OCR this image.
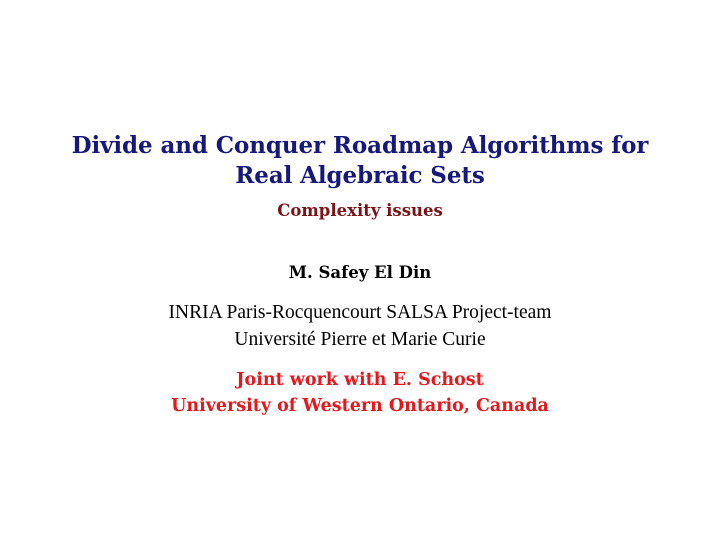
Divide and Conquer Roadmap Algorithms for
Real Algebraic Sets

Complexity issues

M. Safey El Din

INRIA Paris-Rocquencourt SALSA Project-team
Université Pierre et Marie Curie

Joint work with E. Schost
University of Western Ontario, Canada
